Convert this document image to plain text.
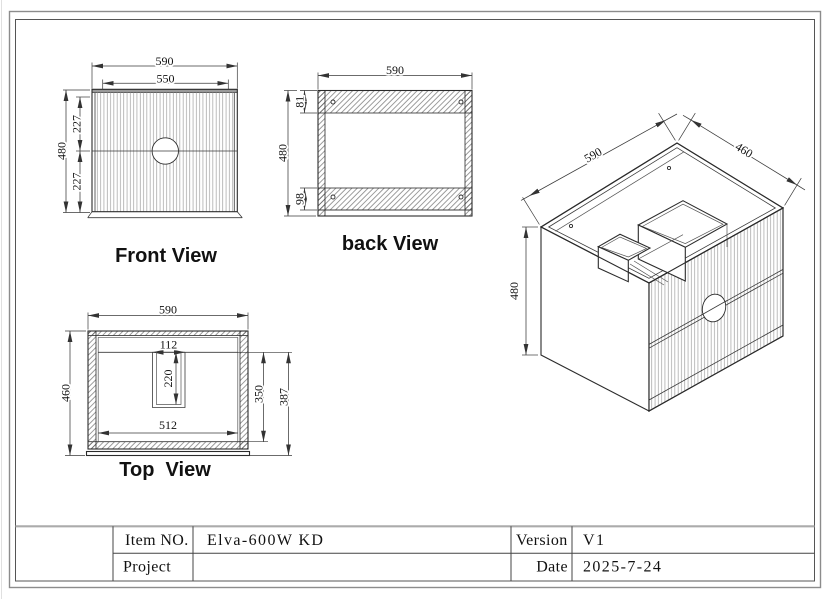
590
550
480
227
227
Front View
590
81
98
480
back View
112
220
512
590
460	350 387
Top  View
590	460
480
Item NO. Elva-600W KD	Version V1
Project	Date 2025-7-24
